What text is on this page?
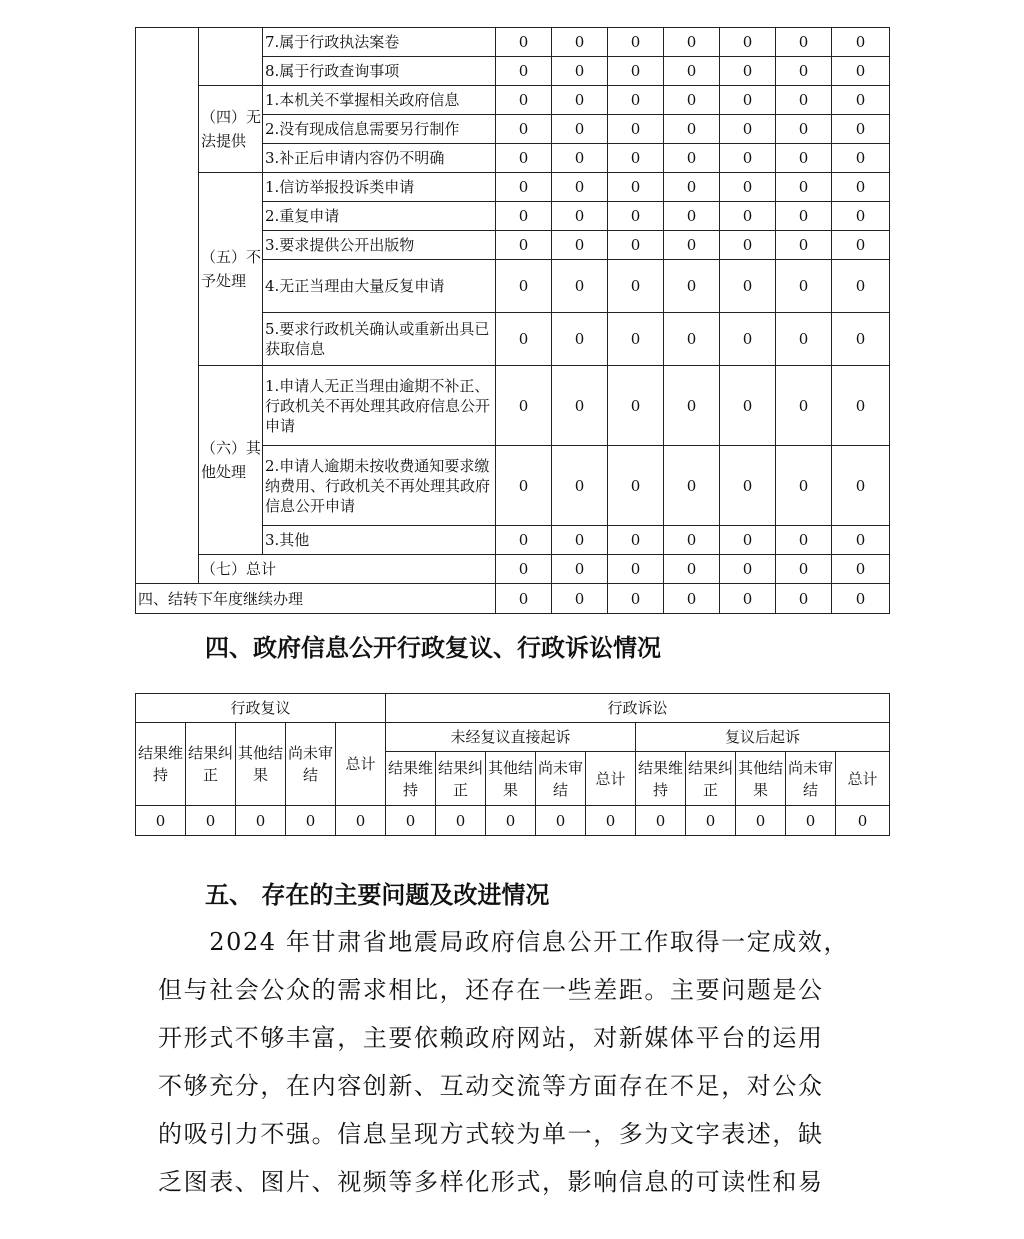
		7.属于行政执法案卷	0	0	0	0	0	0	0
		8.属于行政查询事项	0	0	0	0	0	0	0
	（四）无法提供	1.本机关不掌握相关政府信息	0	0	0	0	0	0	0
		2.没有现成信息需要另行制作	0	0	0	0	0	0	0
		3.补正后申请内容仍不明确	0	0	0	0	0	0	0
	（五）不予处理	1.信访举报投诉类申请	0	0	0	0	0	0	0
		2.重复申请	0	0	0	0	0	0	0
		3.要求提供公开出版物	0	0	0	0	0	0	0
		4.无正当理由大量反复申请	0	0	0	0	0	0	0
		5.要求行政机关确认或重新出具已获取信息	0	0	0	0	0	0	0
	（六）其他处理	1.申请人无正当理由逾期不补正、行政机关不再处理其政府信息公开申请	0	0	0	0	0	0	0
		2.申请人逾期未按收费通知要求缴纳费用、行政机关不再处理其政府信息公开申请	0	0	0	0	0	0	0
		3.其他	0	0	0	0	0	0	0
	（七）总计		0	0	0	0	0	0	0
四、结转下年度继续办理			0	0	0	0	0	0	0
四、政府信息公开行政复议、行政诉讼情况
行政复议					行政诉讼									
结果维持	结果纠正	其他结果	尚未审结	总计	未经复议直接起诉					复议后起诉				
					结果维持	结果纠正	其他结果	尚未审结	总计	结果维持	结果纠正	其他结果	尚未审结	总计
0	0	0	0	0	0	0	0	0	0	0	0	0	0	0
五、 存在的主要问题及改进情况

　　2024 年甘肃省地震局政府信息公开工作取得一定成效，
但与社会公众的需求相比，还存在一些差距。主要问题是公
开形式不够丰富，主要依赖政府网站，对新媒体平台的运用
不够充分，在内容创新、互动交流等方面存在不足，对公众
的吸引力不强。信息呈现方式较为单一，多为文字表述，缺
乏图表、图片、视频等多样化形式，影响信息的可读性和易
